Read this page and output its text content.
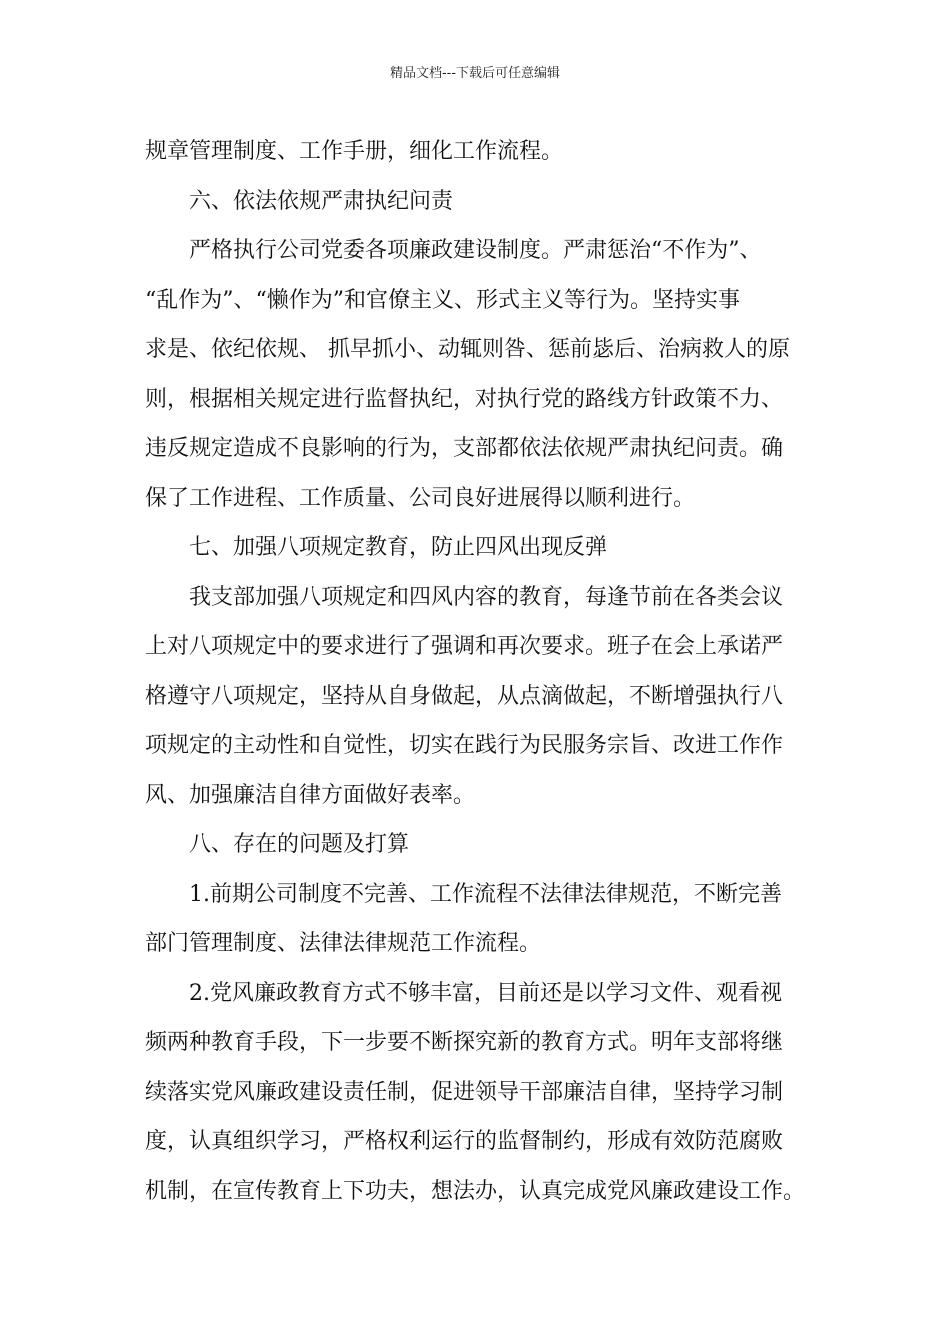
精品文档---下载后可任意编辑
规章管理制度、工作手册，细化工作流程。
六、依法依规严肃执纪问责
严格执行公司党委各项廉政建设制度。严肃惩治“不作为”、
“乱作为”、“懒作为”和官僚主义、形式主义等行为。坚持实事
求是、依纪依规、 抓早抓小、动辄则咎、惩前毖后、治病救人的原
则，根据相关规定进行监督执纪，对执行党的路线方针政策不力、
违反规定造成不良影响的行为，支部都依法依规严肃执纪问责。确
保了工作进程、工作质量、公司良好进展得以顺利进行。
七、加强八项规定教育，防止四风出现反弹
我支部加强八项规定和四风内容的教育，每逢节前在各类会议
上对八项规定中的要求进行了强调和再次要求。班子在会上承诺严
格遵守八项规定，坚持从自身做起，从点滴做起，不断增强执行八
项规定的主动性和自觉性，切实在践行为民服务宗旨、改进工作作
风、加强廉洁自律方面做好表率。
八、存在的问题及打算
1.前期公司制度不完善、工作流程不法律法律规范，不断完善
部门管理制度、法律法律规范工作流程。
2.党风廉政教育方式不够丰富，目前还是以学习文件、观看视
频两种教育手段，下一步要不断探究新的教育方式。明年支部将继
续落实党风廉政建设责任制，促进领导干部廉洁自律，坚持学习制
度，认真组织学习，严格权利运行的监督制约，形成有效防范腐败
机制，在宣传教育上下功夫，想法办，认真完成党风廉政建设工作。
